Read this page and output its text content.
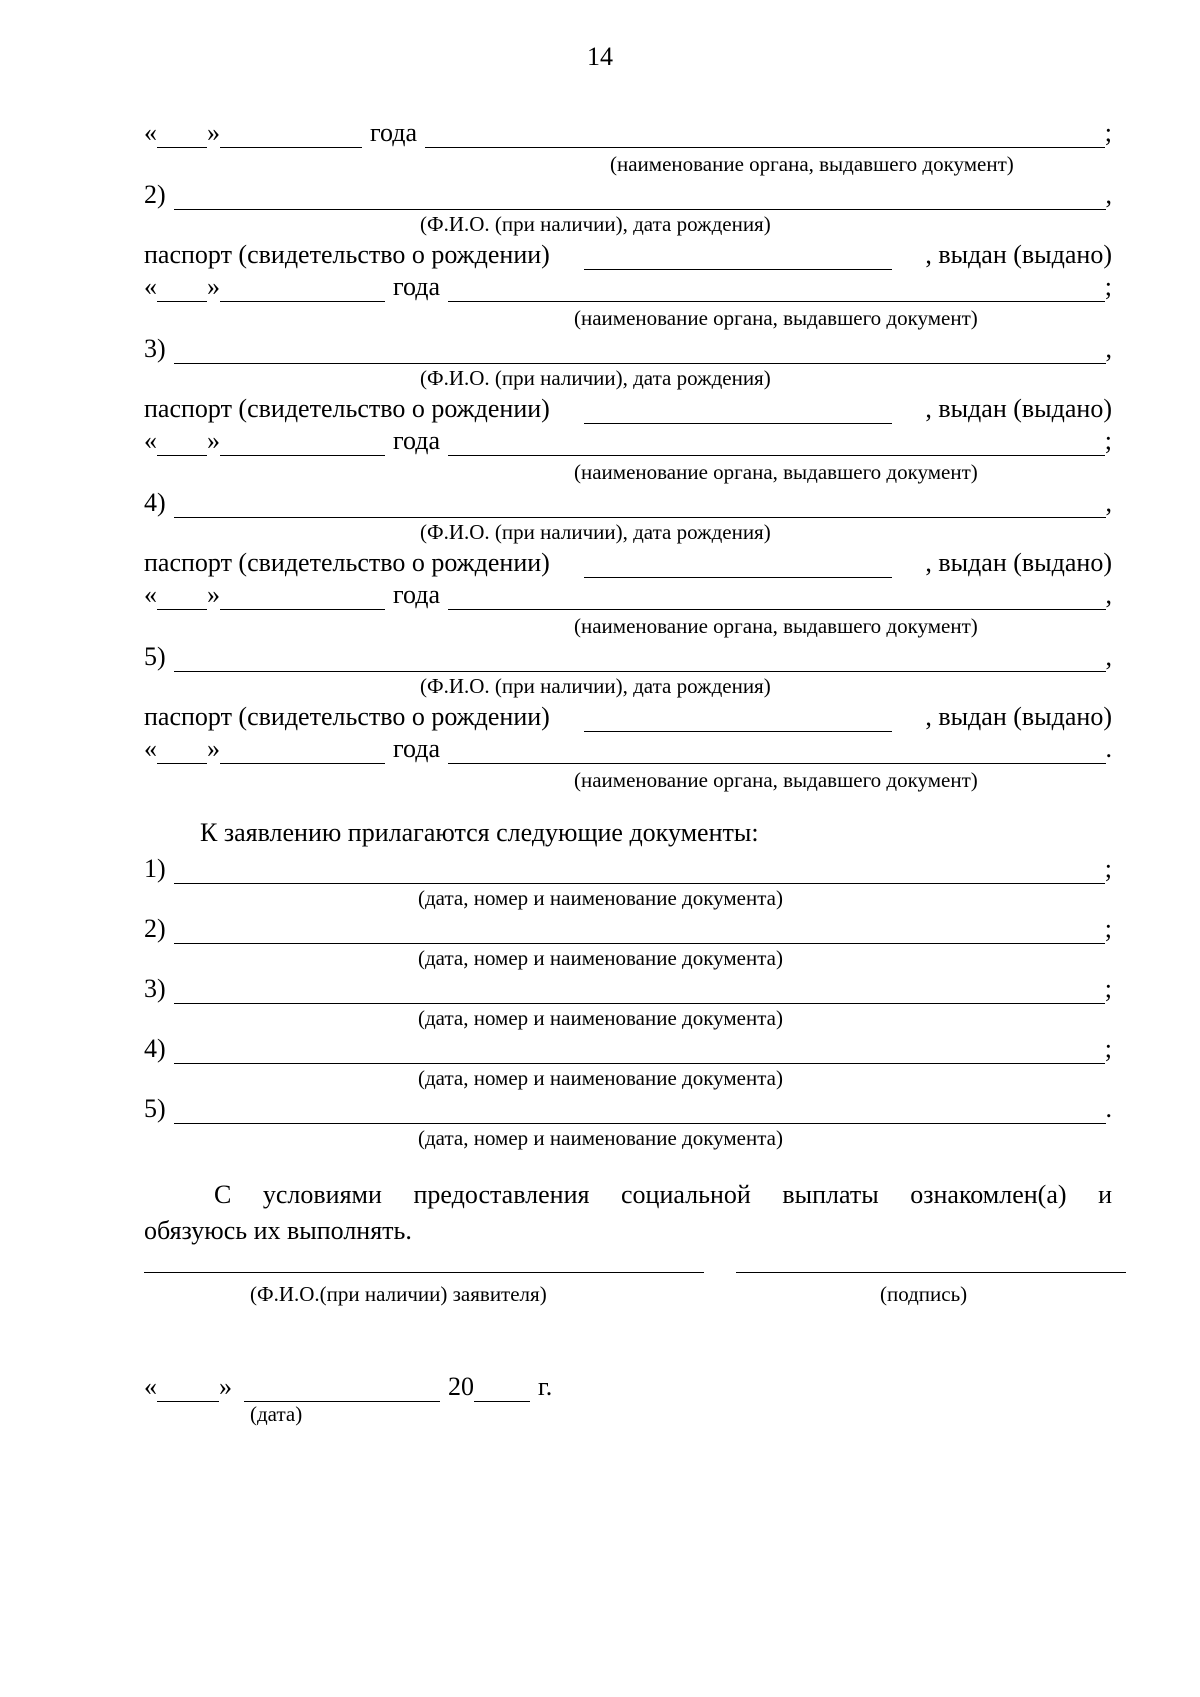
14
« »	года	;
(наименование органа, выдавшего документ)
2)	,
(Ф.И.О. (при наличии), дата рождения)
паспорт (свидетельство о рождении)	, выдан (выдано)
« »	года	;
(наименование органа, выдавшего документ)
3)	,
(Ф.И.О. (при наличии), дата рождения)
паспорт (свидетельство о рождении)	, выдан (выдано)
« »	года	;
(наименование органа, выдавшего документ)
4)	,
(Ф.И.О. (при наличии), дата рождения)
паспорт (свидетельство о рождении)	, выдан (выдано)
« »	года	,
(наименование органа, выдавшего документ)
5)	,
(Ф.И.О. (при наличии), дата рождения)
паспорт (свидетельство о рождении)	, выдан (выдано)
« »	года	.
(наименование органа, выдавшего документ)
К заявлению прилагаются следующие документы:
1)	;
(дата, номер и наименование документа)
2)	;
(дата, номер и наименование документа)
3)	;
(дата, номер и наименование документа)
4)	;
(дата, номер и наименование документа)
5)	.
(дата, номер и наименование документа)
С условиями предоставления социальной выплаты ознакомлен(а) и
обязуюсь их выполнять.
(Ф.И.О.(при наличии) заявителя)	(подпись)
« »	20 г.
(дата)
